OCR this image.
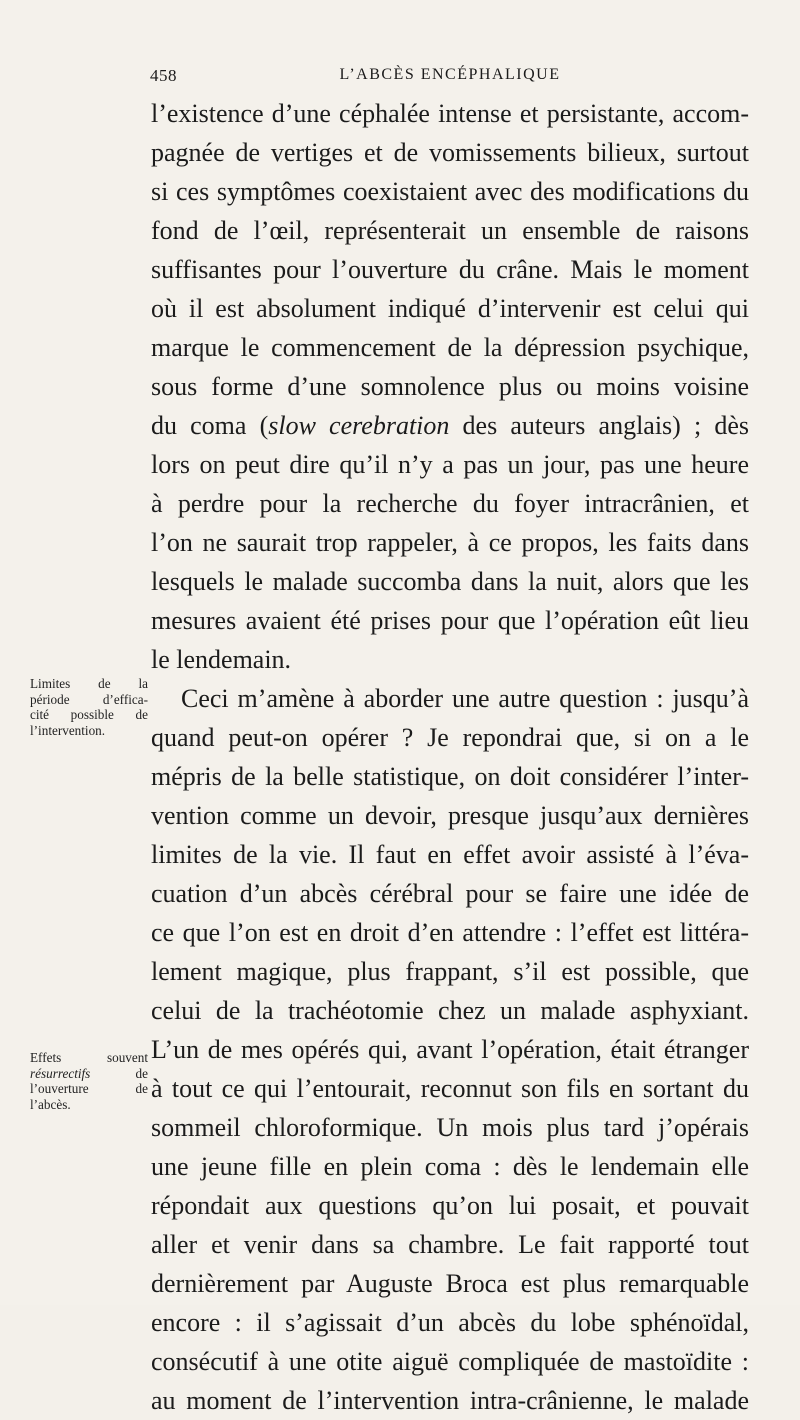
458	L’ABCÈS ENCÉPHALIQUE
l’existence d’une céphalée intense et persistante, accom-
pagnée de vertiges et de vomissements bilieux, surtout
si ces symptômes coexistaient avec des modifications du
fond de l’œil, représenterait un ensemble de raisons
suffisantes pour l’ouverture du crâne. Mais le moment
où il est absolument indiqué d’intervenir est celui qui
marque le commencement de la dépression psychique,
sous forme d’une somnolence plus ou moins voisine
du coma (slow cerebration des auteurs anglais) ; dès
lors on peut dire qu’il n’y a pas un jour, pas une heure
à perdre pour la recherche du foyer intracrânien, et
l’on ne saurait trop rappeler, à ce propos, les faits dans
lesquels le malade succomba dans la nuit, alors que les
mesures avaient été prises pour que l’opération eût lieu
le lendemain.
Ceci m’amène à aborder une autre question : jusqu’à
quand peut-on opérer ? Je repondrai que, si on a le
mépris de la belle statistique, on doit considérer l’inter-
vention comme un devoir, presque jusqu’aux dernières
limites de la vie. Il faut en effet avoir assisté à l’éva-
cuation d’un abcès cérébral pour se faire une idée de
ce que l’on est en droit d’en attendre : l’effet est littéra-
lement magique, plus frappant, s’il est possible, que
celui de la trachéotomie chez un malade asphyxiant.
L’un de mes opérés qui, avant l’opération, était étranger
à tout ce qui l’entourait, reconnut son fils en sortant du
sommeil chloroformique. Un mois plus tard j’opérais
une jeune fille en plein coma : dès le lendemain elle
répondait aux questions qu’on lui posait, et pouvait
aller et venir dans sa chambre. Le fait rapporté tout
dernièrement par Auguste Broca est plus remarquable
encore : il s’agissait d’un abcès du lobe sphénoïdal,
consécutif à une otite aiguë compliquée de mastoïdite :
au moment de l’intervention intra-crânienne, le malade
Limites de la
période d’effica-
cité possible de
l’intervention.
Effets souvent
résurrectifs de
l’ouverture de
l’abcès.
